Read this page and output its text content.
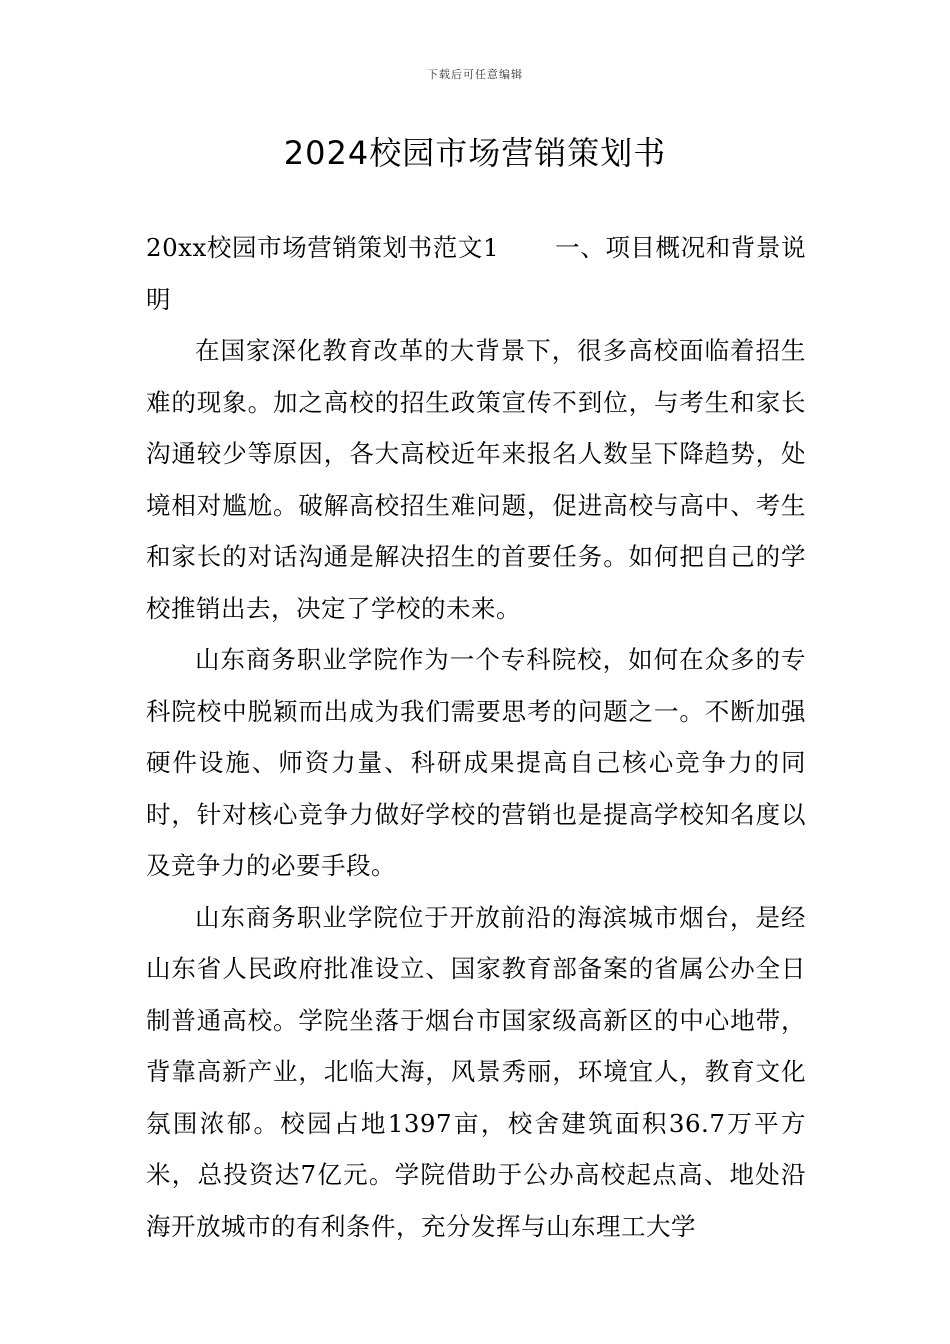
下载后可任意编辑
2024校园市场营销策划书

20xx校园市场营销策划书范文1 一、项目概况和背景说明

在国家深化教育改革的大背景下，很多高校面临着招生难的现象。加之高校的招生政策宣传不到位，与考生和家长沟通较少等原因，各大高校近年来报名人数呈下降趋势，处境相对尴尬。破解高校招生难问题，促进高校与高中、考生和家长的对话沟通是解决招生的首要任务。如何把自己的学校推销出去，决定了学校的未来。

山东商务职业学院作为一个专科院校，如何在众多的专科院校中脱颖而出成为我们需要思考的问题之一。不断加强硬件设施、师资力量、科研成果提高自己核心竞争力的同时，针对核心竞争力做好学校的营销也是提高学校知名度以及竞争力的必要手段。

山东商务职业学院位于开放前沿的海滨城市烟台，是经山东省人民政府批准设立、国家教育部备案的省属公办全日制普通高校。学院坐落于烟台市国家级高新区的中心地带，背靠高新产业，北临大海，风景秀丽，环境宜人，教育文化氛围浓郁。校园占地1397亩，校舍建筑面积36.7万平方米，总投资达7亿元。学院借助于公办高校起点高、地处沿海开放城市的有利条件，充分发挥与山东理工大学
